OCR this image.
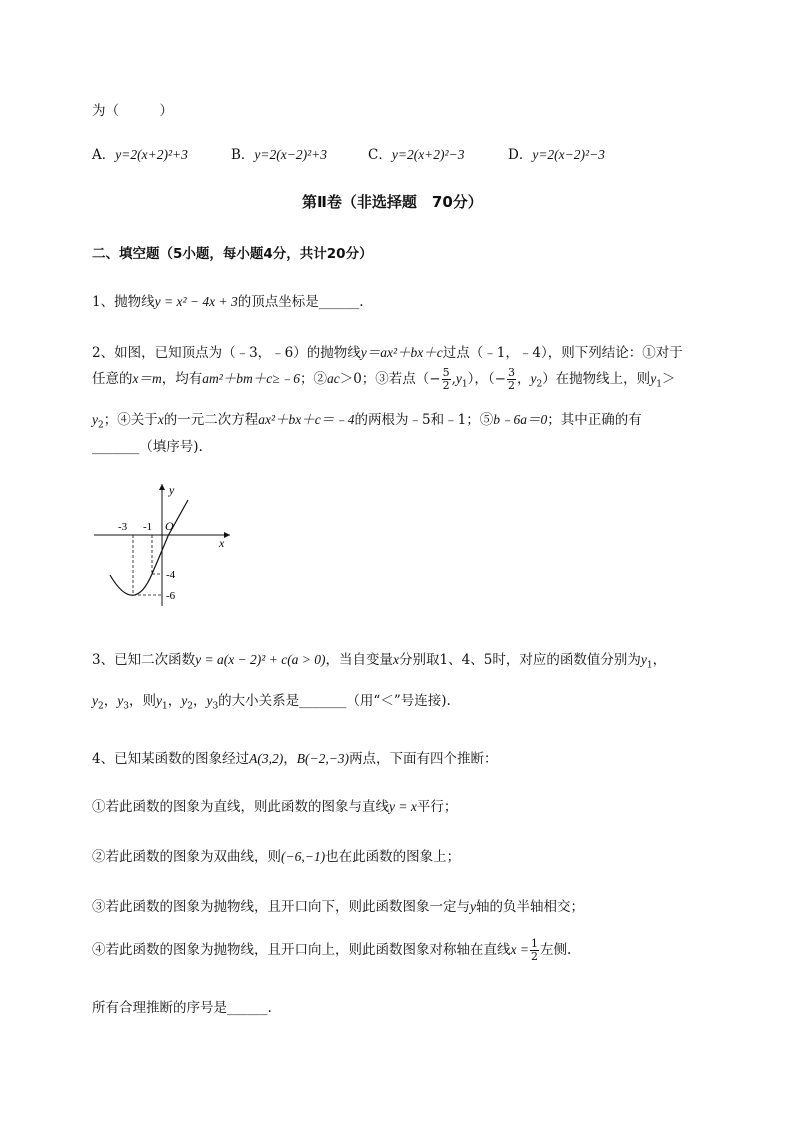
为（　　　）
A．y=2(x+2)²+3	B．y=2(x−2)²+3	C．y=2(x+2)²−3	D．y=2(x−2)²−3
第Ⅱ卷（非选择题　70分）
二、填空题（5小题，每小题4分，共计20分）
1、抛物线y = x² − 4x + 3的顶点坐标是______.
2、如图，已知顶点为（﹣3，﹣6）的抛物线y＝ax²＋bx＋c过点（﹣1，﹣4），则下列结论：①对于
任意的x＝m，均有am²＋bm＋c≥﹣6；②ac＞0；③若点（− $\frac{5}{2} ,y_1$），（− $\frac{3}{2}$ ，$y_2$）在抛物线上，则$y_1>$
$y_2$；④关于x的一元二次方程ax²＋bx＋c＝﹣4的两根为﹣5和﹣1；⑤b﹣6a＝0；其中正确的有
_______（填序号).
y
x
O
-3 -1
-4
-6
3、已知二次函数y = a(x − 2)² + c(a > 0)，当自变量x分别取1、4、5时，对应的函数值分别为$y_1$，
$y_2$，$y_3$，则$y_1$，$y_2$，$y_3$的大小关系是_______（用“＜”号连接).
4、已知某函数的图象经过A(3,2)，B(−2,−3)两点，下面有四个推断：
①若此函数的图象为直线，则此函数的图象与直线y = x平行；
②若此函数的图象为双曲线，则(−6,−1)也在此函数的图象上；
③若此函数的图象为抛物线，且开口向下，则此函数图象一定与y轴的负半轴相交；
④若此函数的图象为抛物线，且开口向上，则此函数图象对称轴在直线$x = \frac{1}{2}$ 左侧.
所有合理推断的序号是______.
